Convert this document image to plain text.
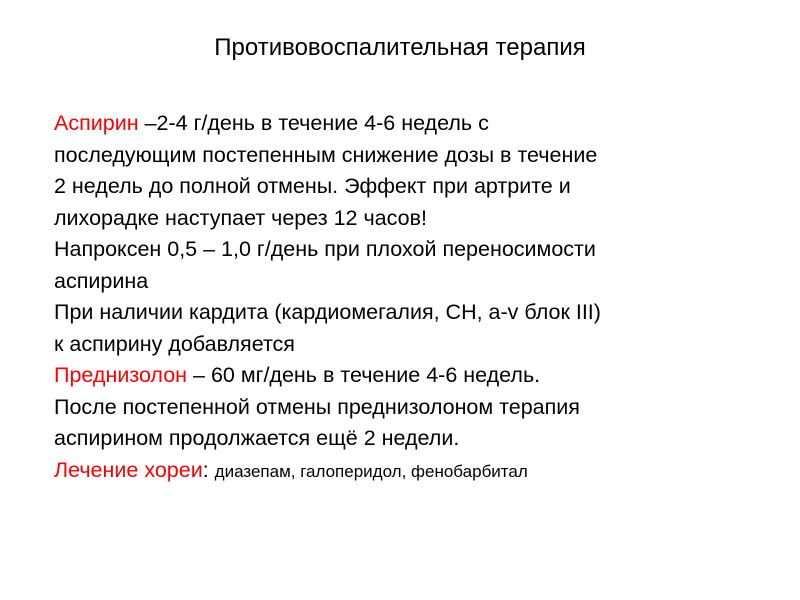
Противовоспалительная терапия
Аспирин –2-4 г/день в течение 4-6 недель с
последующим постепенным снижение дозы в течение
2 недель до полной отмены. Эффект при артрите и
лихорадке наступает через 12 часов!
Напроксен 0,5 – 1,0 г/день при плохой переносимости
аспирина
При наличии кардита (кардиомегалия, СН, а-v блок III)
к аспирину добавляется
Преднизолон – 60 мг/день в течение 4-6 недель.
После постепенной отмены преднизолоном терапия
аспирином продолжается ещё 2 недели.
Лечение хореи: диазепам, галоперидол, фенобарбитал
